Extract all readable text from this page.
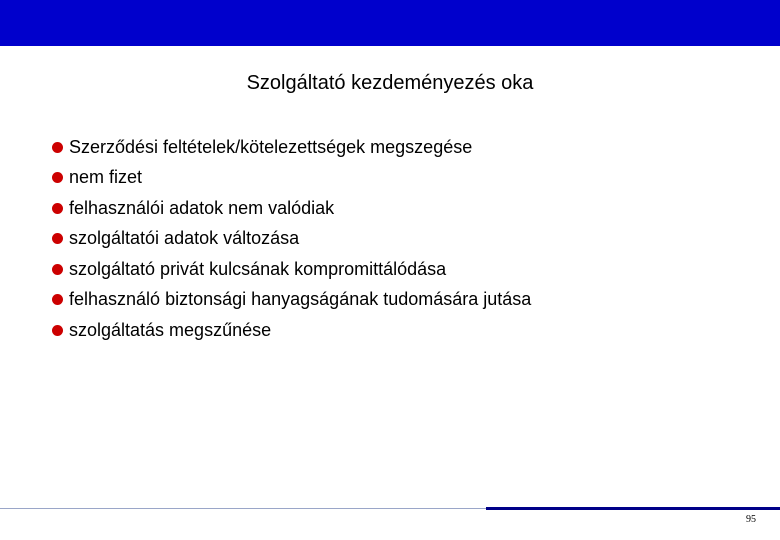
Szolgáltató kezdeményezés oka
Szerződési feltételek/kötelezettségek megszegése
nem fizet
felhasználói adatok nem valódiak
szolgáltatói adatok változása
szolgáltató privát kulcsának kompromittálódása
felhasználó biztonsági hanyagságának tudomására jutása
szolgáltatás megszűnése
95
